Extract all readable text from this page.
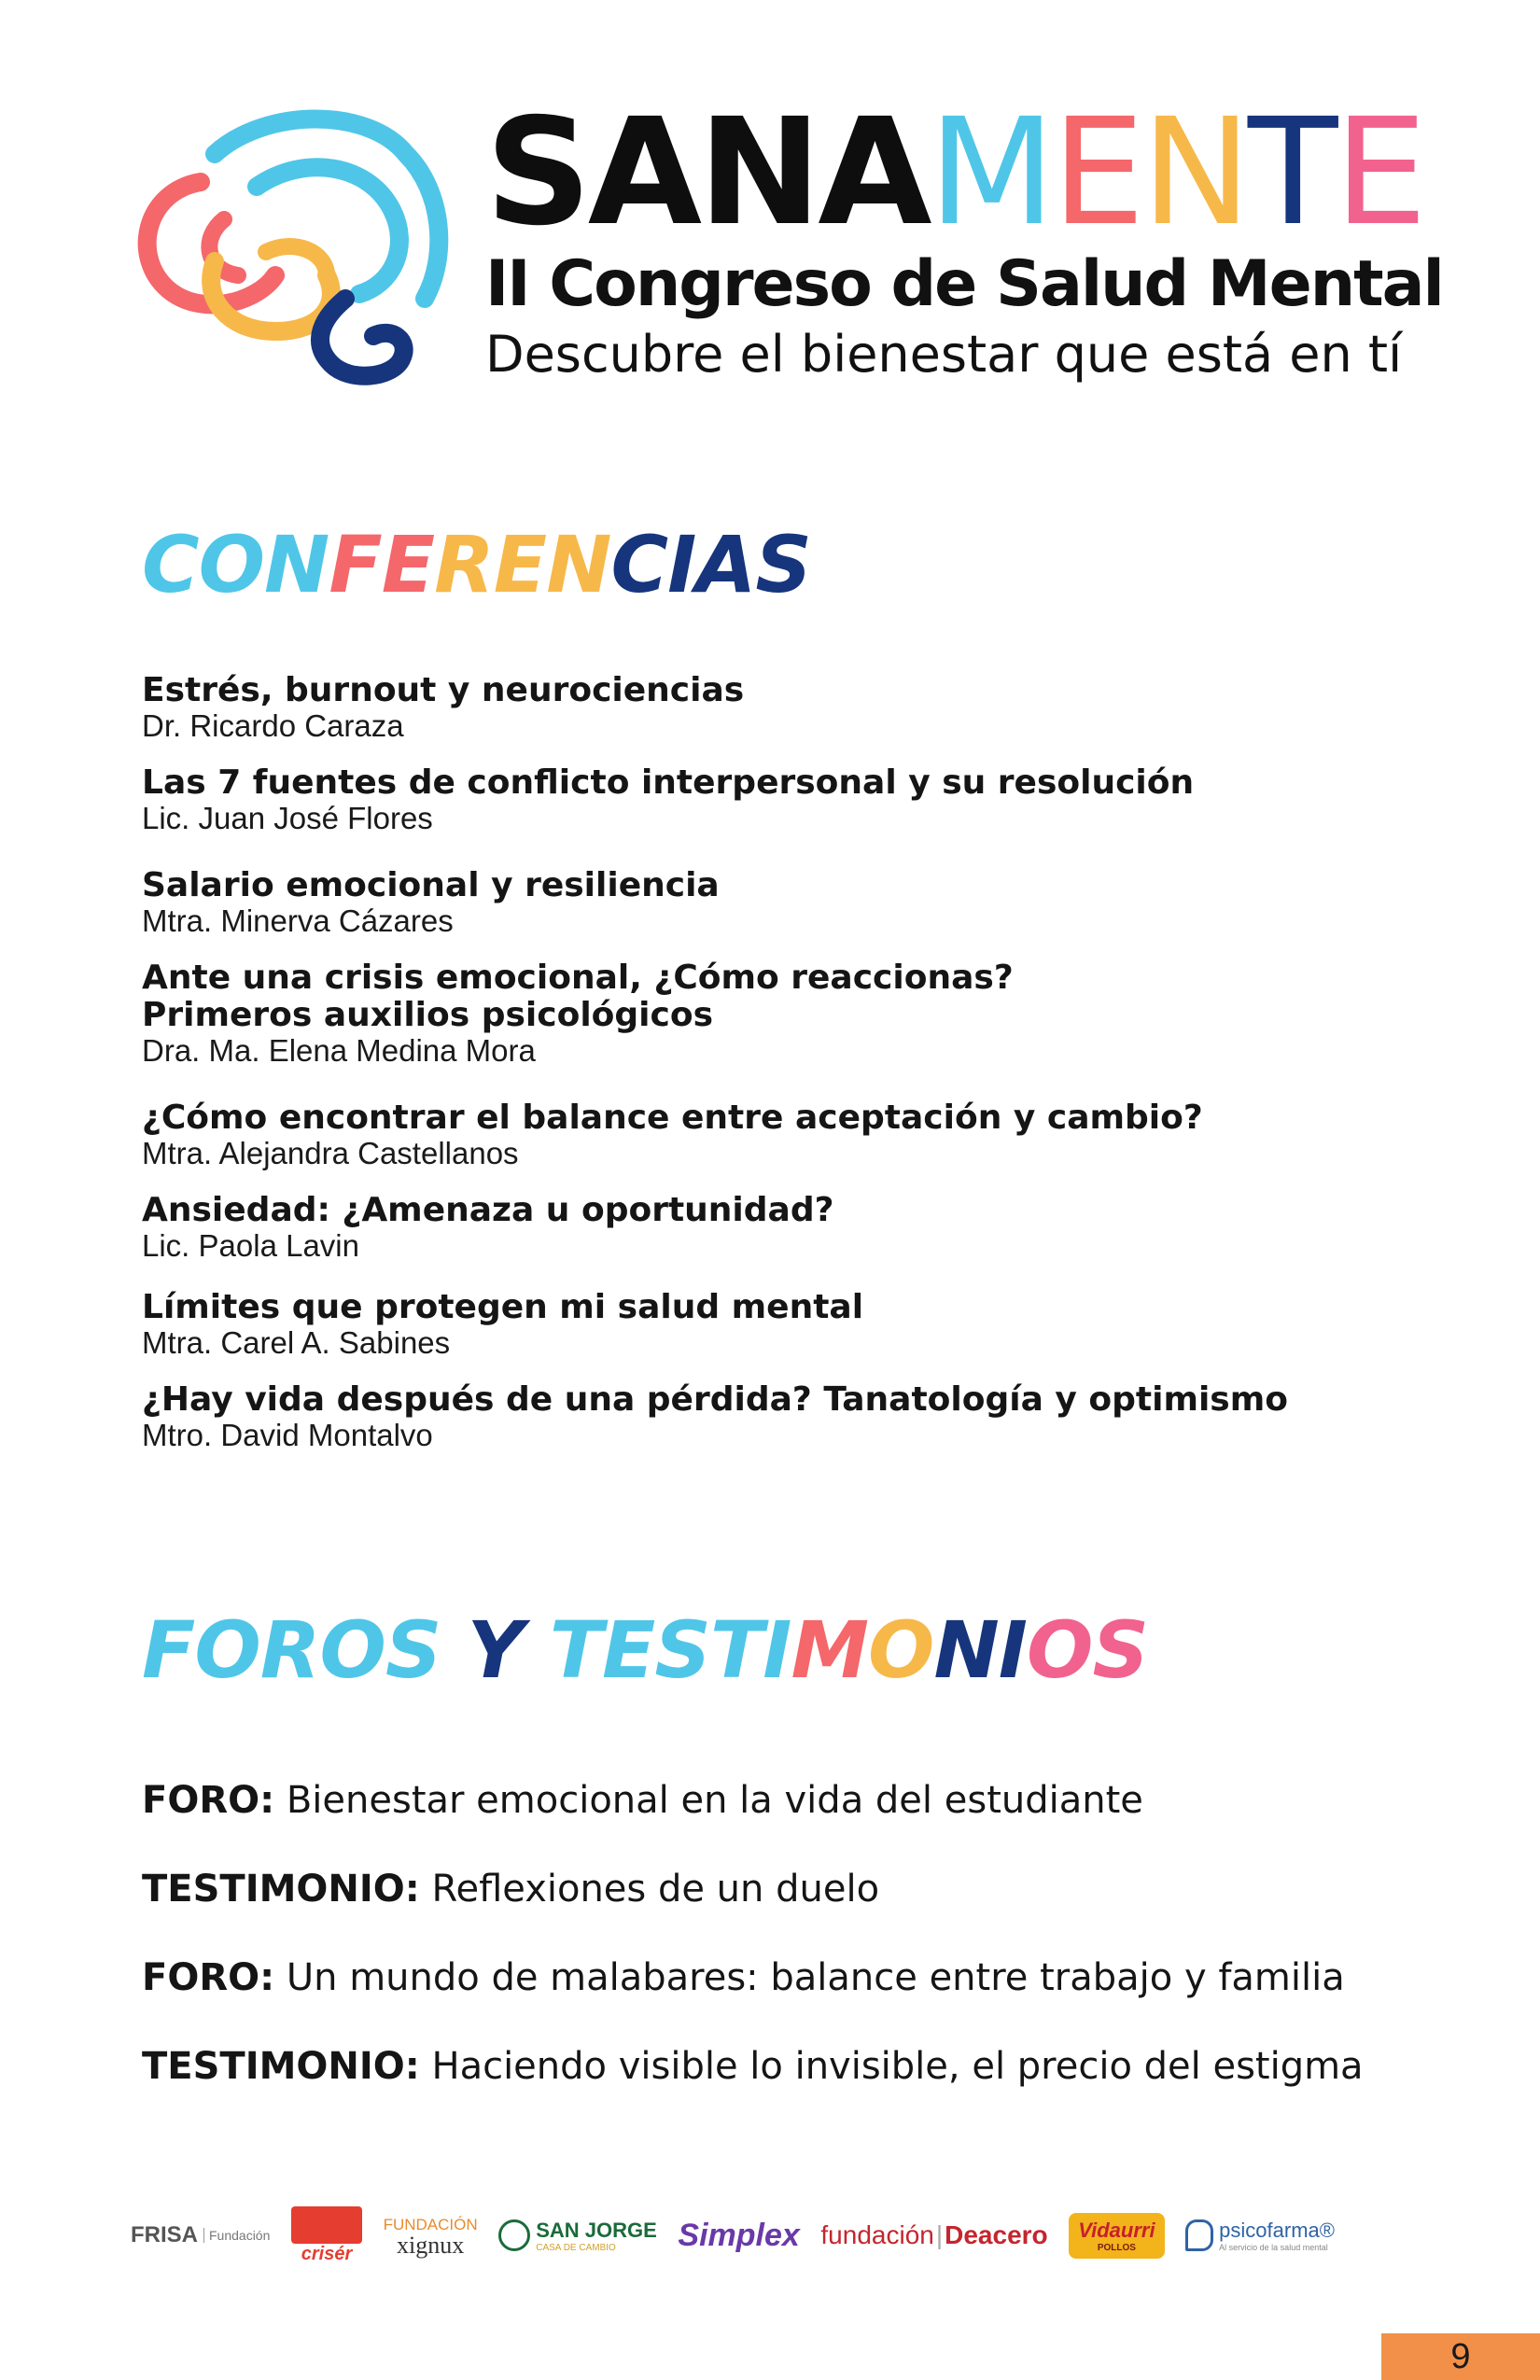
SANAMENTE
II Congreso de Salud Mental
Descubre el bienestar que está en tí
CONFERENCIAS
Estrés, burnout y neurociencias
Dr. Ricardo Caraza
Las 7 fuentes de conflicto interpersonal y su resolución
Lic. Juan José Flores
Salario emocional y resiliencia
Mtra. Minerva Cázares
Ante una crisis emocional, ¿Cómo reaccionas?
Primeros auxilios psicológicos
Dra. Ma. Elena Medina Mora
¿Cómo encontrar el balance entre aceptación y cambio?
Mtra. Alejandra Castellanos
Ansiedad: ¿Amenaza u oportunidad?
Lic. Paola Lavin
Límites que protegen mi salud mental
Mtra. Carel A. Sabines
¿Hay vida después de una pérdida? Tanatología y optimismo
Mtro. David Montalvo
FOROS Y TESTIMONIOS
FORO: Bienestar emocional en la vida del estudiante
TESTIMONIO: Reflexiones de un duelo
FORO: Un mundo de malabares: balance entre trabajo y familia
TESTIMONIO: Haciendo visible lo invisible, el precio del estigma
FRISA Fundación
crisér
FUNDACIÓN
xignux
SAN JORGE
CASA DE CAMBIO	Simplex fundación | Deacero Vidaurri
POLLOS
psicofarma®
Al servicio de la salud mental
9
